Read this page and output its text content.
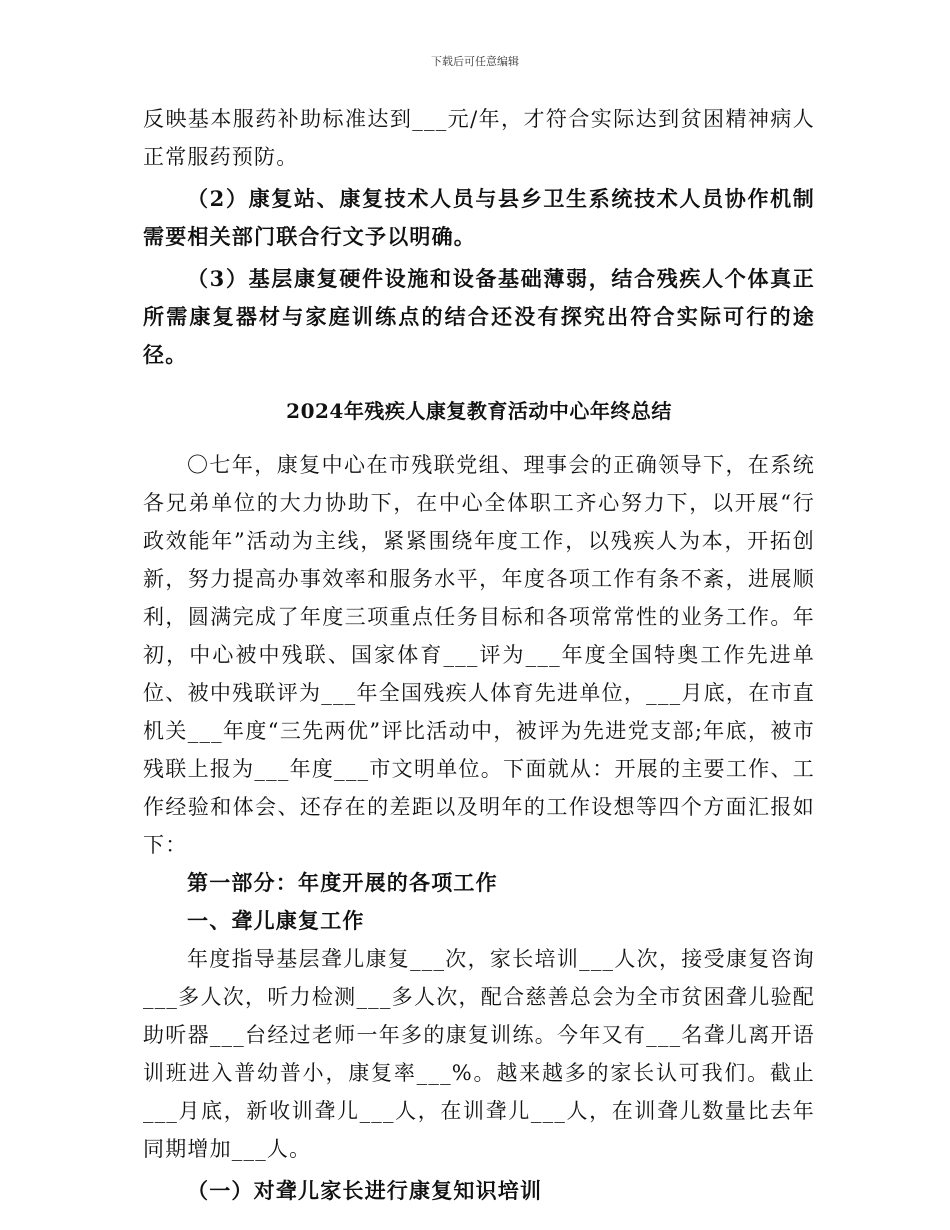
下载后可任意编辑

反映基本服药补助标准达到___元/年，才符合实际达到贫困精神病人正常服药预防。

（2）康复站、康复技术人员与县乡卫生系统技术人员协作机制需要相关部门联合行文予以明确。

（3）基层康复硬件设施和设备基础薄弱，结合残疾人个体真正所需康复器材与家庭训练点的结合还没有探究出符合实际可行的途径。

2024年残疾人康复教育活动中心年终总结

〇七年，康复中心在市残联党组、理事会的正确领导下，在系统各兄弟单位的大力协助下，在中心全体职工齐心努力下，以开展“行政效能年”活动为主线，紧紧围绕年度工作，以残疾人为本，开拓创新，努力提高办事效率和服务水平，年度各项工作有条不紊，进展顺利，圆满完成了年度三项重点任务目标和各项常常性的业务工作。年初，中心被中残联、国家体育___评为___年度全国特奥工作先进单位、被中残联评为___年全国残疾人体育先进单位，___月底，在市直机关___年度“三先两优”评比活动中，被评为先进党支部;年底，被市残联上报为___年度___市文明单位。下面就从：开展的主要工作、工作经验和体会、还存在的差距以及明年的工作设想等四个方面汇报如下：

第一部分：年度开展的各项工作

一、聋儿康复工作

年度指导基层聋儿康复___次，家长培训___人次，接受康复咨询___多人次，听力检测___多人次，配合慈善总会为全市贫困聋儿验配助听器___台经过老师一年多的康复训练。今年又有___名聋儿离开语训班进入普幼普小，康复率___%。越来越多的家长认可我们。截止___月底，新收训聋儿___人，在训聋儿___人，在训聋儿数量比去年同期增加___人。

（一）对聋儿家长进行康复知识培训
